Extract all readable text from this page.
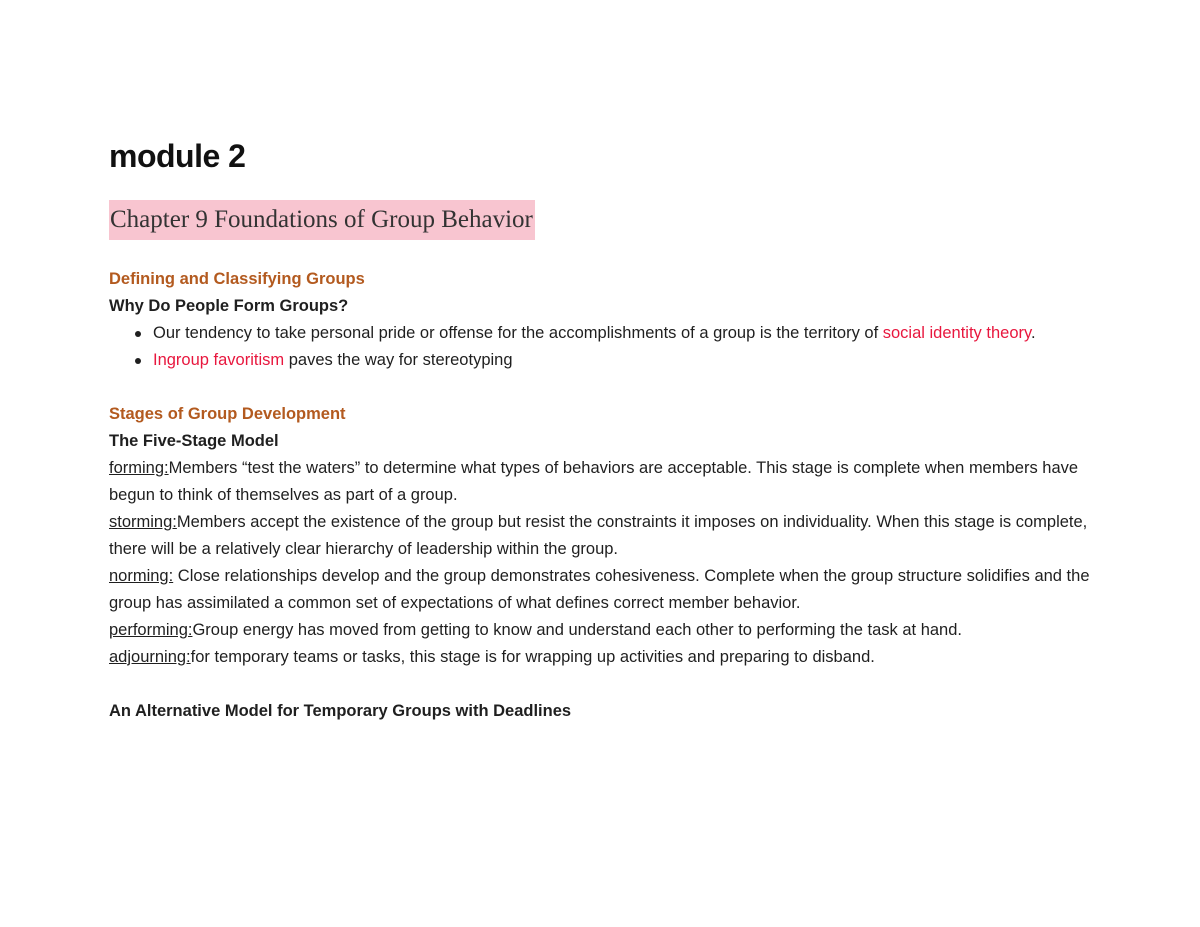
module 2
Chapter 9 Foundations of Group Behavior

Defining and Classifying Groups

Why Do People Form Groups?

Our tendency to take personal pride or offense for the accomplishments of a group is the territory of social identity theory.
Ingroup favoritism paves the way for stereotyping

Stages of Group Development

The Five-Stage Model

forming:Members “test the waters” to determine what types of behaviors are acceptable. This stage is complete when members have begun to think of themselves as part of a group.

storming:Members accept the existence of the group but resist the constraints it imposes on individuality. When this stage is complete, there will be a relatively clear hierarchy of leadership within the group.

norming: Close relationships develop and the group demonstrates cohesiveness. Complete when the group structure solidifies and the group has assimilated a common set of expectations of what defines correct member behavior.

performing:Group energy has moved from getting to know and understand each other to performing the task at hand.

adjourning:for temporary teams or tasks, this stage is for wrapping up activities and preparing to disband.

An Alternative Model for Temporary Groups with Deadlines
